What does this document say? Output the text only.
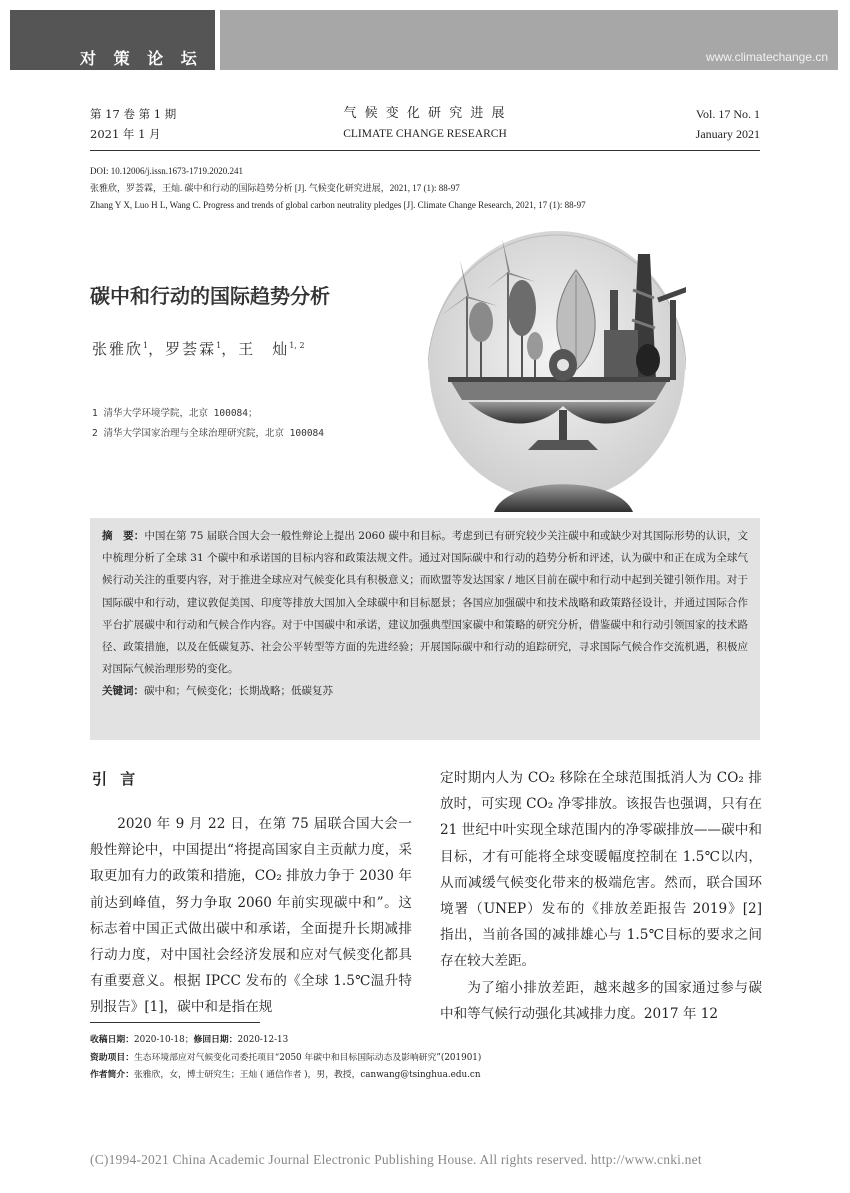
对 策 论 坛	www.climatechange.cn
第 17 卷 第 1 期
2021 年 1 月
气 候 变 化 研 究 进 展
CLIMATE CHANGE RESEARCH
Vol. 17 No. 1
January 2021
DOI: 10.12006/j.issn.1673-1719.2020.241
张雅欣，罗荟霖，王灿. 碳中和行动的国际趋势分析 [J]. 气候变化研究进展，2021, 17 (1): 88-97
Zhang Y X, Luo H L, Wang C. Progress and trends of global carbon neutrality pledges [J]. Climate Change Research, 2021, 17 (1): 88-97
碳中和行动的国际趋势分析
张雅欣$^1$，罗荟霖$^1$，王　灿$^{1, 2}$
1 清华大学环境学院，北京 100084；
2 清华大学国家治理与全球治理研究院，北京 100084
摘　要：中国在第 75 届联合国大会一般性辩论上提出 2060 碳中和目标。考虑到已有研究较少关注碳中和或缺少对其国际形势的认识，文中梳理分析了全球 31 个碳中和承诺国的目标内容和政策法规文件。通过对国际碳中和行动的趋势分析和评述，认为碳中和正在成为全球气候行动关注的重要内容，对于推进全球应对气候变化具有积极意义；而欧盟等发达国家 / 地区目前在碳中和行动中起到关键引领作用。对于国际碳中和行动，建议敦促美国、印度等排放大国加入全球碳中和目标愿景；各国应加强碳中和技术战略和政策路径设计，并通过国际合作平台扩展碳中和行动和气候合作内容。对于中国碳中和承诺，建议加强典型国家碳中和策略的研究分析，借鉴碳中和行动引领国家的技术路径、政策措施，以及在低碳复苏、社会公平转型等方面的先进经验；开展国际碳中和行动的追踪研究，寻求国际气候合作交流机遇，积极应对国际气候治理形势的变化。
关键词：碳中和；气候变化；长期战略；低碳复苏
引 言

2020 年 9 月 22 日，在第 75 届联合国大会一般性辩论中，中国提出“将提高国家自主贡献力度，采取更加有力的政策和措施，CO₂ 排放力争于 2030 年前达到峰值，努力争取 2060 年前实现碳中和”。这标志着中国正式做出碳中和承诺，全面提升长期减排行动力度，对中国社会经济发展和应对气候变化都具有重要意义。根据 IPCC 发布的《全球 1.5℃温升特别报告》[1]，碳中和是指在规

定时期内人为 CO₂ 移除在全球范围抵消人为 CO₂ 排放时，可实现 CO₂ 净零排放。该报告也强调，只有在 21 世纪中叶实现全球范围内的净零碳排放——碳中和目标，才有可能将全球变暖幅度控制在 1.5℃以内，从而减缓气候变化带来的极端危害。然而，联合国环境署（UNEP）发布的《排放差距报告 2019》[2] 指出，当前各国的减排雄心与 1.5℃目标的要求之间存在较大差距。

为了缩小排放差距，越来越多的国家通过参与碳中和等气候行动强化其减排力度。2017 年 12

收稿日期：2020-10-18；修回日期：2020-12-13
资助项目：生态环境部应对气候变化司委托项目“2050 年碳中和目标国际动态及影响研究”(201901)
作者简介：张雅欣，女，博士研究生；王灿 ( 通信作者 )，男，教授，canwang@tsinghua.edu.cn
(C)1994-2021 China Academic Journal Electronic Publishing House. All rights reserved. http://www.cnki.net
